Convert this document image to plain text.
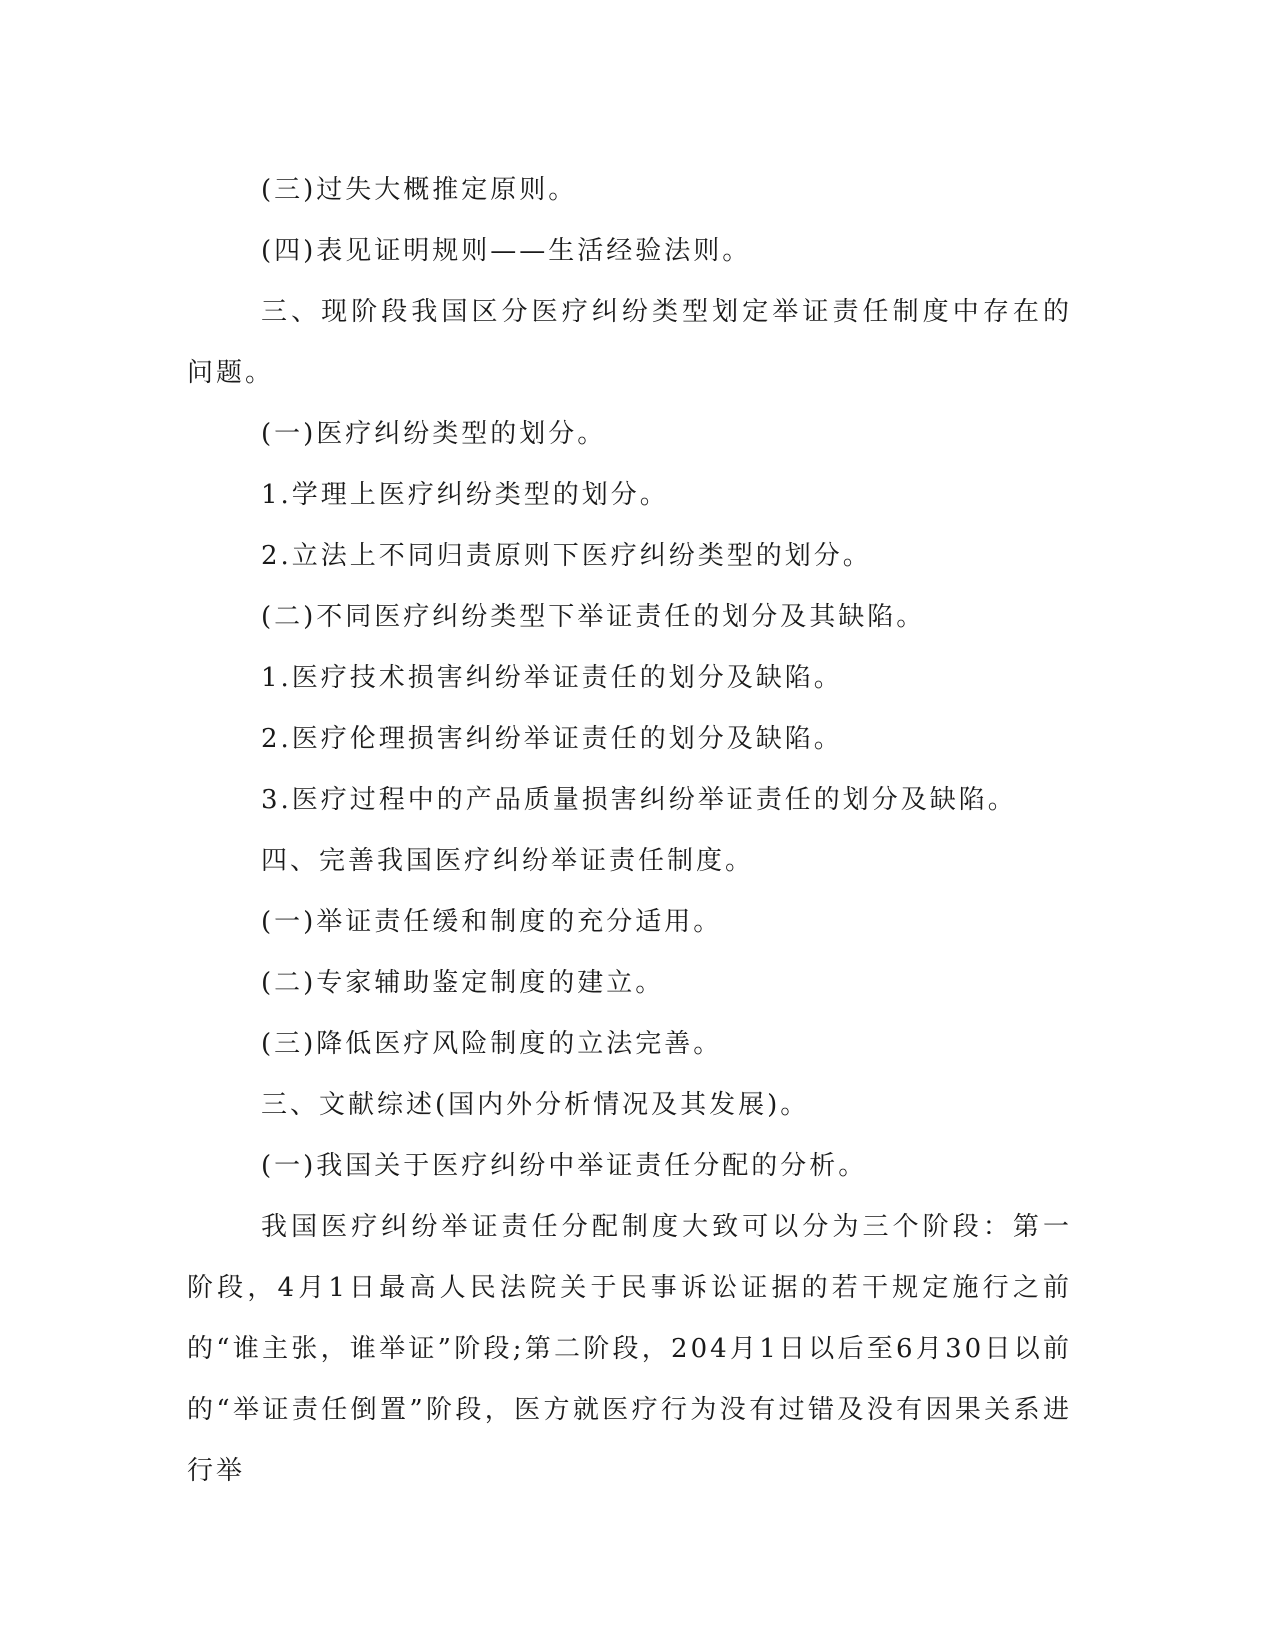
(三)过失大概推定原则。

(四)表见证明规则——生活经验法则。

三、现阶段我国区分医疗纠纷类型划定举证责任制度中存在的问题。

(一)医疗纠纷类型的划分。

1.学理上医疗纠纷类型的划分。

2.立法上不同归责原则下医疗纠纷类型的划分。

(二)不同医疗纠纷类型下举证责任的划分及其缺陷。

1.医疗技术损害纠纷举证责任的划分及缺陷。

2.医疗伦理损害纠纷举证责任的划分及缺陷。

3.医疗过程中的产品质量损害纠纷举证责任的划分及缺陷。

四、完善我国医疗纠纷举证责任制度。

(一)举证责任缓和制度的充分适用。

(二)专家辅助鉴定制度的建立。

(三)降低医疗风险制度的立法完善。

三、文献综述(国内外分析情况及其发展)。

(一)我国关于医疗纠纷中举证责任分配的分析。

我国医疗纠纷举证责任分配制度大致可以分为三个阶段：第一阶段，4月1日最高人民法院关于民事诉讼证据的若干规定施行之前的“谁主张，谁举证”阶段;第二阶段，204月1日以后至6月30日以前的“举证责任倒置”阶段，医方就医疗行为没有过错及没有因果关系进行举
